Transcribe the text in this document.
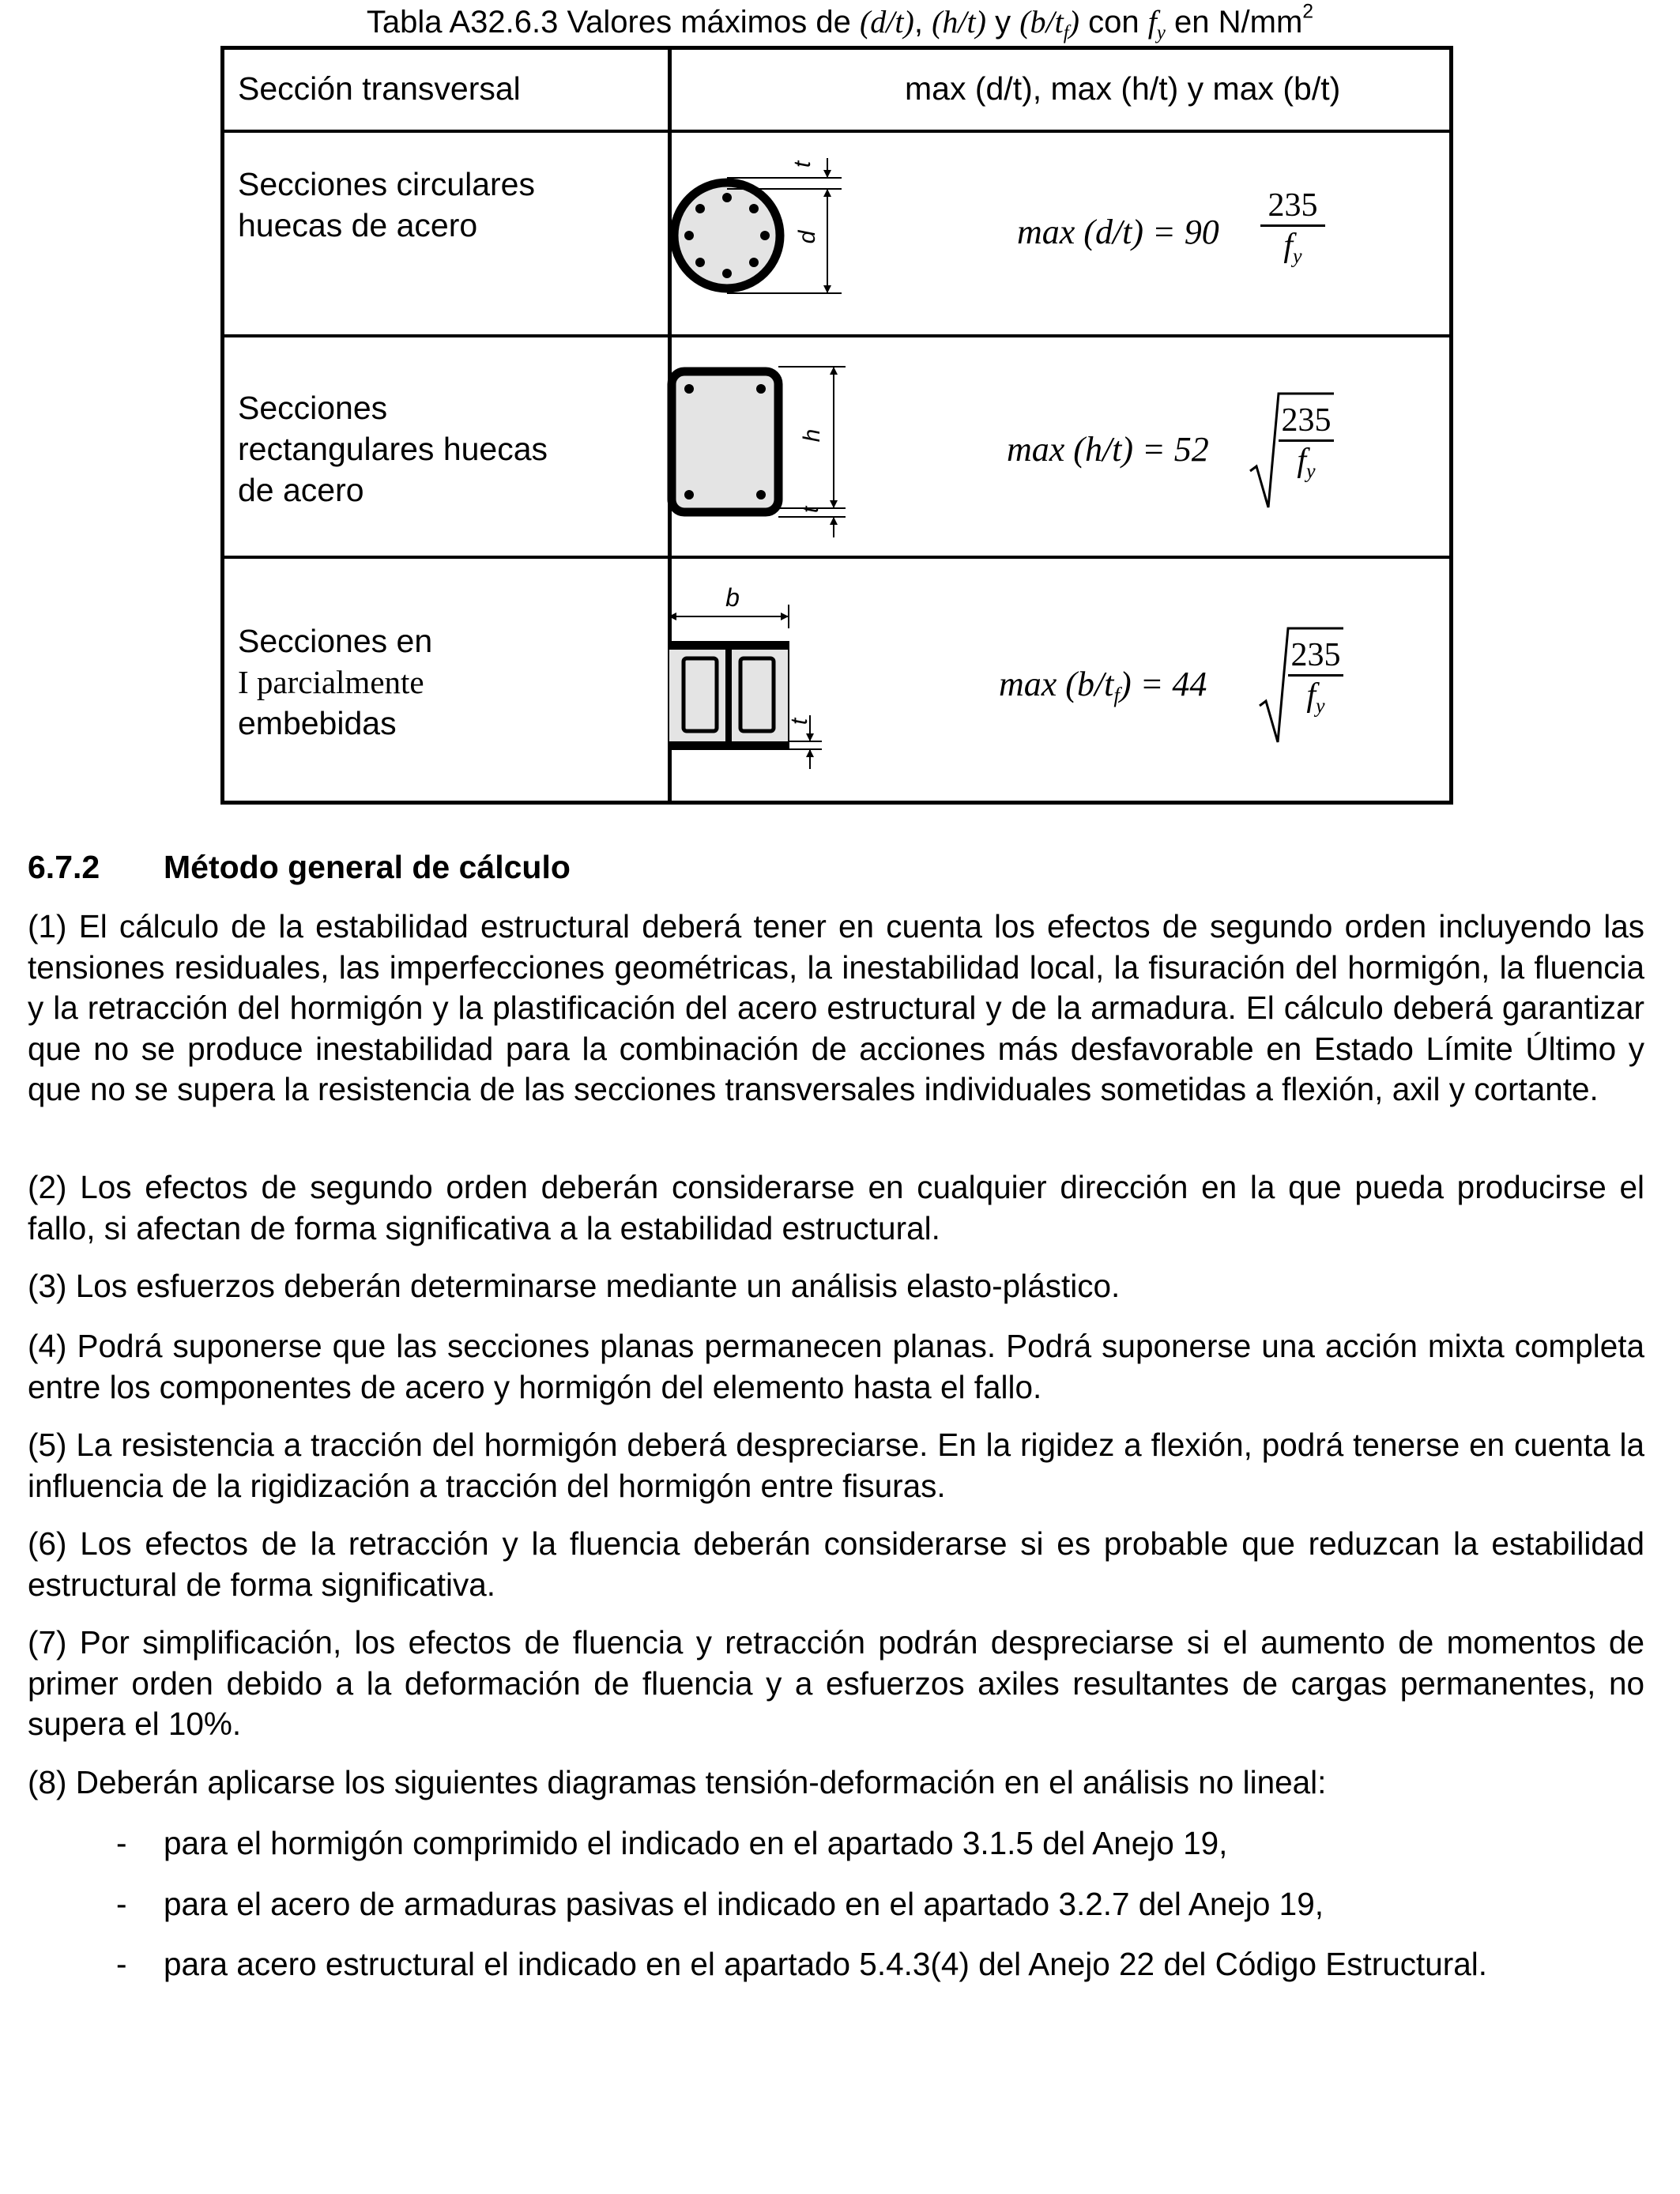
Tabla A32.6.3 Valores máximos de (d/t), (h/t) y $(b/t_f)$ con $f_y$ en $N/mm^2$
Sección transversal	max (d/t), max (h/t) y max (b/t)
Secciones circulares
huecas de acero
t
d	max (d/t) = 90
235
$f_y$
Secciones
rectangulares huecas
de acero
h
t
max (h/t) = 52
235
$f_y$
Secciones en
I parcialmente
embebidas
b
t
$\max (b/t_f) = 44$
235
$f_y$
6.7.2 Método general de cálculo
(1) El cálculo de la estabilidad estructural deberá tener en cuenta los efectos de segundo orden incluyendo las tensiones residuales, las imperfecciones geométricas, la inestabilidad local, la fisuración del hormigón, la fluencia y la retracción del hormigón y la plastificación del acero estructural y de la armadura. El cálculo deberá garantizar que no se produce inestabilidad para la combinación de acciones más desfavorable en Estado Límite Último y que no se supera la resistencia de las secciones transversales individuales sometidas a flexión, axil y cortante.
(2) Los efectos de segundo orden deberán considerarse en cualquier dirección en la que pueda producirse el fallo, si afectan de forma significativa a la estabilidad estructural.
(3) Los esfuerzos deberán determinarse mediante un análisis elasto-plástico.
(4) Podrá suponerse que las secciones planas permanecen planas. Podrá suponerse una acción mixta completa entre los componentes de acero y hormigón del elemento hasta el fallo.
(5) La resistencia a tracción del hormigón deberá despreciarse. En la rigidez a flexión, podrá tenerse en cuenta la influencia de la rigidización a tracción del hormigón entre fisuras.
(6) Los efectos de la retracción y la fluencia deberán considerarse si es probable que reduzcan la estabilidad estructural de forma significativa.
(7) Por simplificación, los efectos de fluencia y retracción podrán despreciarse si el aumento de momentos de primer orden debido a la deformación de fluencia y a esfuerzos axiles resultantes de cargas permanentes, no supera el 10%.
(8) Deberán aplicarse los siguientes diagramas tensión-deformación en el análisis no lineal:
- para el hormigón comprimido el indicado en el apartado 3.1.5 del Anejo 19,
- para el acero de armaduras pasivas el indicado en el apartado 3.2.7 del Anejo 19,
- para acero estructural el indicado en el apartado 5.4.3(4) del Anejo 22 del Código Estructural.
